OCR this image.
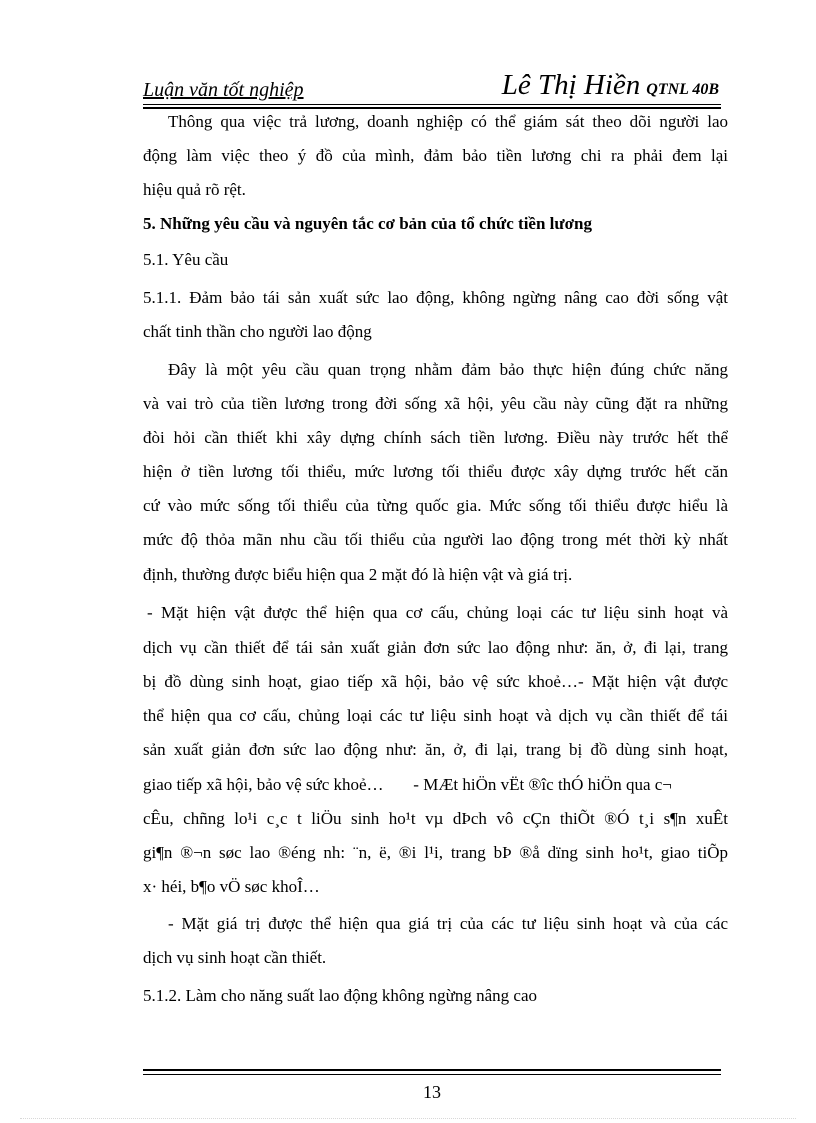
Luận văn tốt nghiệp	Lê Thị Hiền QTNL 40B
Thông qua việc trả lương, doanh nghiệp có thể giám sát theo dõi người lao
động làm việc theo ý đồ của mình, đảm bảo tiền lương chi ra phải đem lại
hiệu quả rõ rệt.
5. Những yêu cầu và nguyên tắc cơ bản của tổ chức tiền lương
5.1. Yêu cầu
5.1.1. Đảm bảo tái sản xuất sức lao động, không ngừng nâng cao đời sống vật
chất tinh thần cho người lao động
Đây là một yêu cầu quan trọng nhằm đảm bảo thực hiện đúng chức năng
và vai trò của tiền lương trong đời sống xã hội, yêu cầu này cũng đặt ra những
đòi hỏi cần thiết khi xây dựng chính sách tiền lương. Điều này trước hết thể
hiện ở tiền lương tối thiểu, mức lương tối thiểu được xây dựng trước hết căn
cứ vào mức sống tối thiểu của từng quốc gia. Mức sống tối thiểu được hiểu là
mức độ thỏa mãn nhu cầu tối thiểu của người lao động trong mét thời kỳ nhất
định, thường được biểu hiện qua 2 mặt đó là hiện vật và giá trị.
- Mặt hiện vật được thể hiện qua cơ cấu, chủng loại các tư liệu sinh hoạt và
dịch vụ cần thiết để tái sản xuất giản đơn sức lao động như: ăn, ở, đi lại, trang
bị đồ dùng sinh hoạt, giao tiếp xã hội, bảo vệ sức khoẻ…- Mặt hiện vật được
thể hiện qua cơ cấu, chủng loại các tư liệu sinh hoạt và dịch vụ cần thiết để tái
sản xuất giản đơn sức lao động như: ăn, ở, đi lại, trang bị đồ dùng sinh hoạt,
giao tiếp xã hội, bảo vệ sức khoẻ…       - MÆt hiÖn vËt ®îc thÓ hiÖn qua c¬
cÊu, chñng lo¹i c¸c t liÖu sinh ho¹t vµ dÞch vô cÇn thiÕt ®Ó t¸i s¶n xuÊt
gi¶n ®¬n søc lao ®éng nh: ¨n, ë, ®i l¹i, trang bÞ ®å dïng sinh ho¹t, giao tiÕp
x· héi, b¶o vÖ søc khoÎ…
- Mặt giá trị được thể hiện qua giá trị của các tư liệu sinh hoạt và của các
dịch vụ sinh hoạt cần thiết.
5.1.2. Làm cho năng suất lao động không ngừng nâng cao
13
